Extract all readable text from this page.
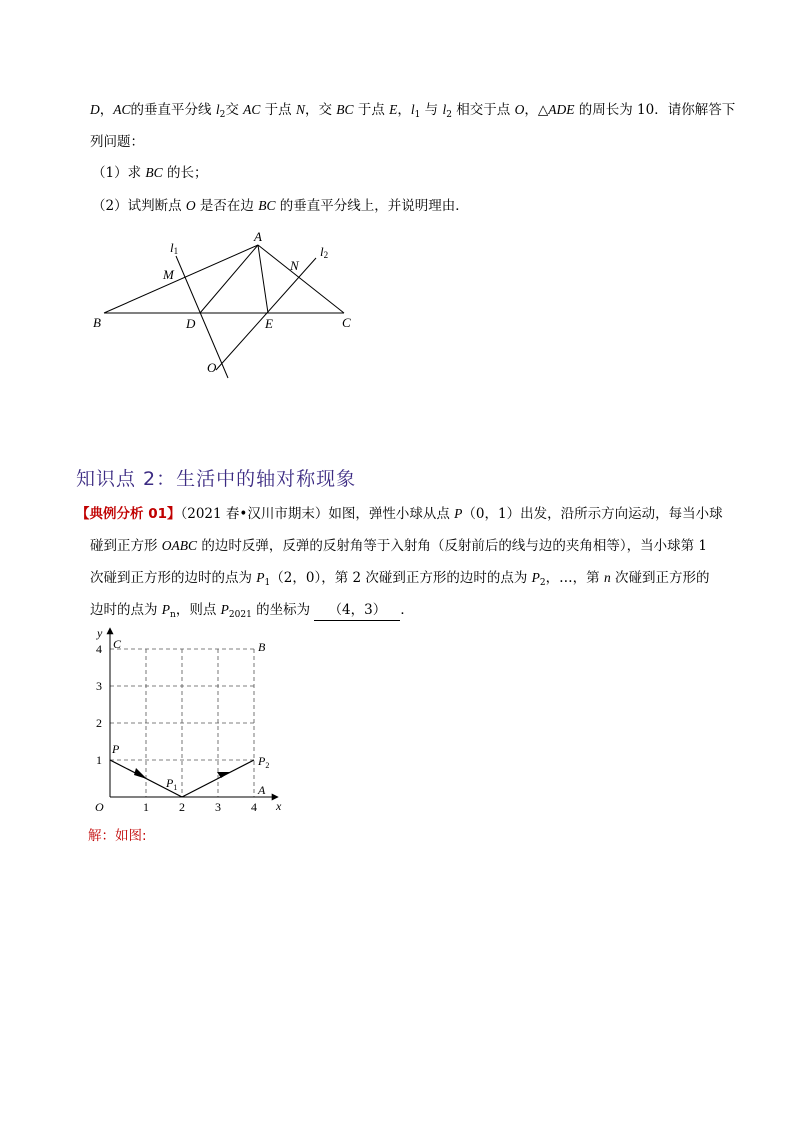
D，AC的垂直平分线 $l_2$交 AC 于点 N，交 BC 于点 E，$l_1$ 与 $l_2$ 相交于点 O，△ADE 的周长为 10．请你解答下
列问题：
（1）求 BC 的长；
（2）试判断点 O 是否在边 BC 的垂直平分线上，并说明理由．
l1	l2
A
B	C
D	E
M
N
O
知识点 2：生活中的轴对称现象
【典例分析 01】（2021 春•汉川市期末）如图，弹性小球从点 P（0，1）出发，沿所示方向运动，每当小球
碰到正方形 OABC 的边时反弹，反弹的反射角等于入射角（反射前后的线与边的夹角相等），当小球第 1
次碰到正方形的边时的点为 $P_1(2$，0），第 2 次碰到正方形的边时的点为 $P_2$，…，第 n 次碰到正方形的
边时的点为 $P_n$，则点 $P_{2021}$ 的坐标为 （4，3） ．
1	2	3	4
1
2
3
4
x
y
O
C	B
A
P
$P_1$
$P_2$
解：如图:
